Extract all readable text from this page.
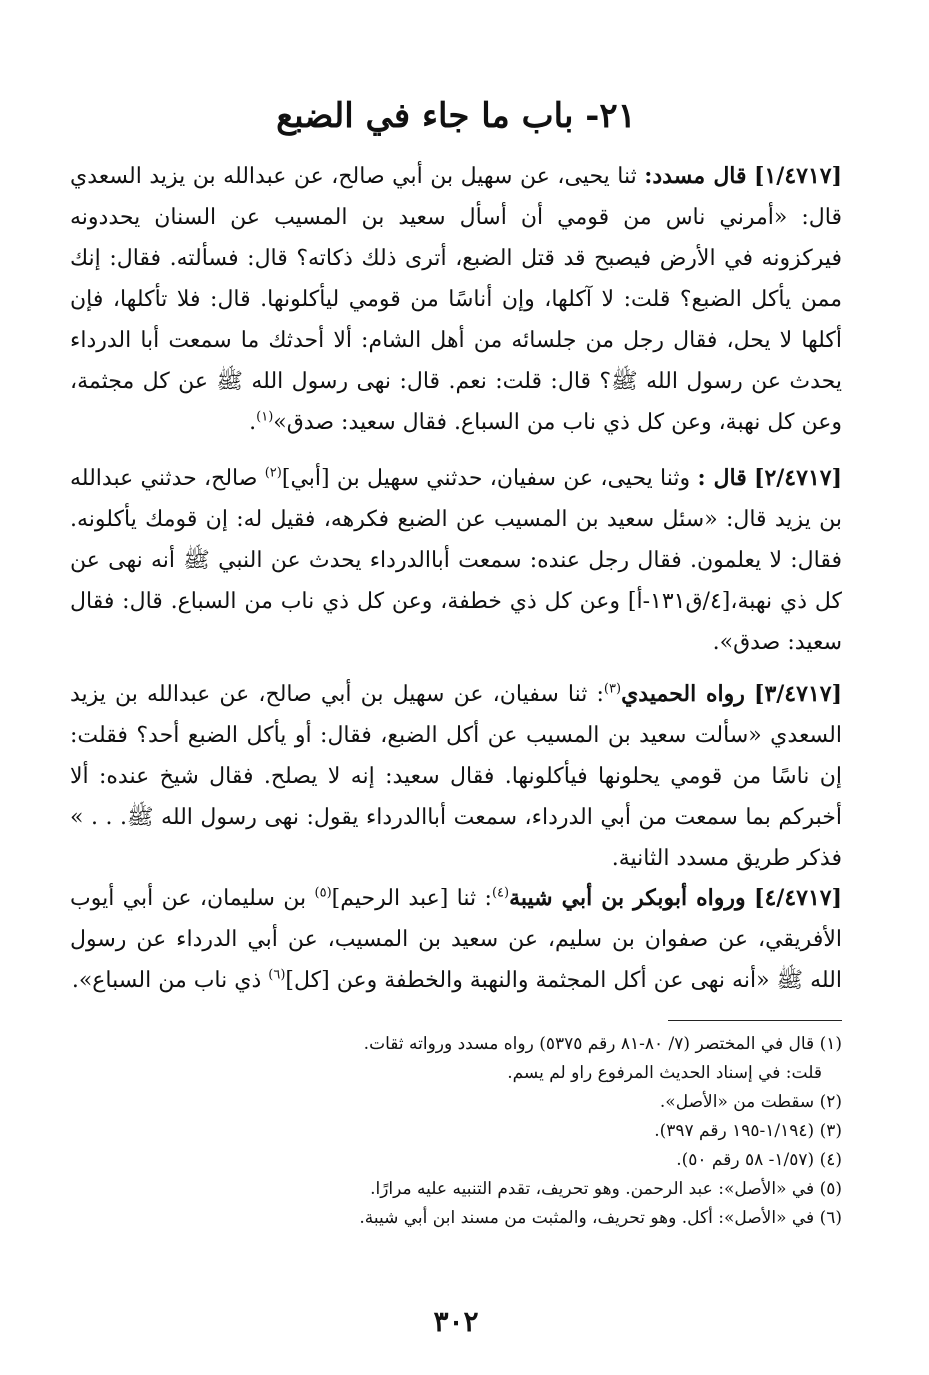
٢١- باب ما جاء في الضبع
[١/٤٧١٧] قال مسدد: ثنا يحيى، عن سهيل بن أبي صالح، عن عبدالله بن يزيد السعدي قال: «أمرني ناس من قومي أن أسأل سعيد بن المسيب عن السنان يحددونه فيركزونه في الأرض فيصبح قد قتل الضبع، أترى ذلك ذكاته؟ قال: فسألته. فقال: إنك ممن يأكل الضبع؟ قلت: لا آكلها، وإن أناسًا من قومي ليأكلونها. قال: فلا تأكلها، فإن أكلها لا يحل، فقال رجل من جلسائه من أهل الشام: ألا أحدثك ما سمعت أبا الدرداء يحدث عن رسول الله ﷺ؟ قال: قلت: نعم. قال: نهى رسول الله ﷺ عن كل مجثمة، وعن كل نهبة، وعن كل ذي ناب من السباع. فقال سعيد: صدق»$^{(١)}$.
[٢/٤٧١٧] قال : وثنا يحيى، عن سفيان، حدثني سهيل بن [أبي]$^{(٢)}$ صالح، حدثني عبدالله بن يزيد قال: «سئل سعيد بن المسيب عن الضبع فكرهه، فقيل له: إن قومك يأكلونه. فقال: لا يعلمون. فقال رجل عنده: سمعت أباالدرداء يحدث عن النبي ﷺ أنه نهى عن كل ذي نهبة،[٤/ق١٣١-أ] وعن كل ذي خطفة، وعن كل ذي ناب من السباع. قال: فقال سعيد: صدق».
[٣/٤٧١٧] رواه الحميدي$^{(٣)}$: ثنا سفيان، عن سهيل بن أبي صالح، عن عبدالله بن يزيد السعدي «سألت سعيد بن المسيب عن أكل الضبع، فقال: أو يأكل الضبع أحد؟ فقلت: إن ناسًا من قومي يحلونها فيأكلونها. فقال سعيد: إنه لا يصلح. فقال شيخ عنده: ألا أخبركم بما سمعت من أبي الدرداء، سمعت أباالدرداء يقول: نهى رسول الله ﷺ. . . » فذكر طريق مسدد الثانية.
[٤/٤٧١٧] ورواه أبوبكر بن أبي شيبة$^{(٤)}$: ثنا [عبد الرحيم]$^{(٥)}$ بن سليمان، عن أبي أيوب الأفريقي، عن صفوان بن سليم، عن سعيد بن المسيب، عن أبي الدرداء عن رسول الله ﷺ «أنه نهى عن أكل المجثمة والنهبة والخطفة وعن [كل]$^{(٦)}$ ذي ناب من السباع».
(١) قال في المختصر (٧/ ٨٠-٨١ رقم ٥٣٧٥) رواه مسدد ورواته ثقات.
قلت: في إسناد الحديث المرفوع راو لم يسم.
(٢) سقطت من «الأصل».
(٣) (١/١٩٤-١٩٥ رقم ٣٩٧).
(٤) (١/٥٧- ٥٨ رقم ٥٠).
(٥) في «الأصل»: عبد الرحمن. وهو تحريف، تقدم التنبيه عليه مرارًا.
(٦) في «الأصل»: أكل. وهو تحريف، والمثبت من مسند ابن أبي شيبة.
٣٠٢
